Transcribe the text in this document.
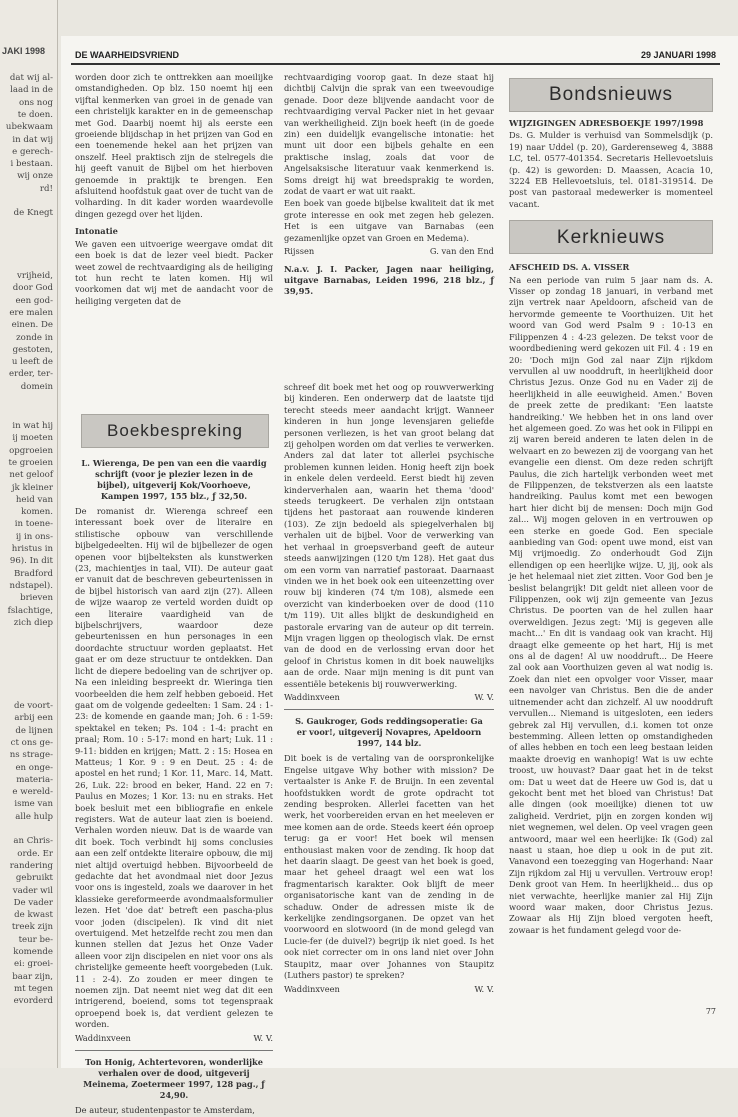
JAKI 1998
dat wij al-
laad in de
ons nog
te doen.
ubekwaam
in dat wij
e gerech-
i bestaan.
wij onze
rd!
de Knegt
vrijheid,
door God
een god-
ere malen
einen. De
zonde in
gestoten,
u leeft de
erder, ter-
domein
in wat hij
ij moeten
opgroeien
te groeien
net geloof
jk kleiner
heid van
komen.
in toene-
ij in ons-
hristus in
96). In dit
Bradford
ndstapel).
brieven
fslachtige,
zich diep
de voort-
arbij een
de lijnen
ct ons ge-
ns strage-
en onge-
materia-
e wereld-
isme van
alle hulp
an Chris-
orde. Er
randering
gebruikt
vader wil
De vader
de kwast
treek zijn
teur be-
komende
ei: groei-
baar zijn,
mt tegen
evorderd
DE WAARHEIDSVRIEND	29 JANUARI 1998

worden door zich te onttrekken aan moeilijke omstandigheden. Op blz. 150 noemt hij een vijftal kenmerken van groei in de genade van een christelijk karakter en in de gemeenschap met God. Daarbij noemt hij als eerste een groeiende blijdschap in het prijzen van God en een toenemende hekel aan het prijzen van onszelf. Heel praktisch zijn de stelregels die hij geeft vanuit de Bijbel om het hierboven genoemde in praktijk te brengen. Een afsluitend hoofdstuk gaat over de tucht van de volharding. In dit kader worden waardevolle dingen gezegd over het lijden.

Intonatie

We gaven een uitvoerige weergave omdat dit een boek is dat de lezer veel biedt. Packer weet zowel de rechtvaardiging als de heiliging tot hun recht te laten komen. Hij wil voorkomen dat wij met de aandacht voor de heiliging vergeten dat de

rechtvaardiging voorop gaat. In deze staat hij dichtbij Calvijn die sprak van een tweevoudige genade. Door deze blijvende aandacht voor de rechtvaardiging verval Packer niet in het gevaar van werkheiligheid. Zijn boek heeft (in de goede zin) een duidelijk evangelische intonatie: het munt uit door een bijbels gehalte en een praktische inslag, zoals dat voor de Angelsaksische literatuur vaak kenmerkend is. Soms dreigt hij wat breedsprakig te worden, zodat de vaart er wat uit raakt.

Een boek van goede bijbelse kwaliteit dat ik met grote interesse en ook met zegen heb gelezen. Het is een uitgave van Barnabas (een gezamenlijke opzet van Groen en Medema).

Rijssen	G. van den End

N.a.v. J. I. Packer, Jagen naar heiliging, uitgave Barnabas, Leiden 1996, 218 blz., ƒ 39,95.

Boekbespreking
L. Wierenga, De pen van een die vaardig schrijft (voor je plezier lezen in de bijbel), uitgeverij Kok/Voorhoeve, Kampen 1997, 155 blz., ƒ 32,50.

De romanist dr. Wierenga schreef een interessant boek over de literaire en stilistische opbouw van verschillende bijbelgedeelten. Hij wil de bijbellezer de ogen openen voor bijbelteksten als kunstwerken (23, machientjes in taal, VII). De auteur gaat er vanuit dat de beschreven gebeurtenissen in de bijbel historisch van aard zijn (27). Alleen de wijze waarop ze verteld worden duidt op een literaire vaardigheid van de bijbelschrijvers, waardoor deze gebeurtenissen en hun personages in een doordachte structuur worden geplaatst. Het gaat er om deze structuur te ontdekken. Dan licht de diepere bedoeling van de schrijver op. Na een inleiding bespreekt dr. Wieringa tien voorbeelden die hem zelf hebben geboeid. Het gaat om de volgende gedeelten: 1 Sam. 24 : 1-23: de komende en gaande man; Joh. 6 : 1-59: spektakel en teken; Ps. 104 : 1-4: pracht en praal; Rom. 10 : 5-17: mond en hart; Luk. 11 : 9-11: bidden en krijgen; Matt. 2 : 15: Hosea en Matteus; 1 Kor. 9 : 9 en Deut. 25 : 4: de apostel en het rund; 1 Kor. 11, Marc. 14, Matt. 26, Luk. 22: brood en beker, Hand. 22 en 7: Paulus en Mozes; 1 Kor. 13: nu en straks. Het boek besluit met een bibliografie en enkele registers. Wat de auteur laat zien is boeiend. Verhalen worden nieuw. Dat is de waarde van dit boek. Toch verbindt hij soms conclusies aan een zelf ontdekte literaire opbouw, die mij niet altijd overtuigd hebben. Bijvoorbeeld de gedachte dat het avondmaal niet door Jezus voor ons is ingesteld, zoals we daarover in het klassieke gereformeerde avondmaalsformulier lezen. Het 'doe dat' betreft een pascha-plus voor joden (discipelen). Ik vind dit niet overtuigend. Met hetzelfde recht zou men dan kunnen stellen dat Jezus het Onze Vader alleen voor zijn discipelen en niet voor ons als christelijke gemeente heeft voorgebeden (Luk. 11 : 2-4). Zo zouden er meer dingen te noemen zijn. Dat neemt niet weg dat dit een intrigerend, boeiend, soms tot tegenspraak oproepend boek is, dat verdient gelezen te worden.

Waddinxveen	W. V.
Ton Honig, Achtertevoren, wonderlijke verhalen over de dood, uitgeverij Meinema, Zoetermeer 1997, 128 pag., ƒ 24,90.

De auteur, studentenpastor te Amsterdam,

schreef dit boek met het oog op rouwverwerking bij kinderen. Een onderwerp dat de laatste tijd terecht steeds meer aandacht krijgt. Wanneer kinderen in hun jonge levensjaren geliefde personen verliezen, is het van groot belang dat zij geholpen worden om dat verlies te verwerken. Anders zal dat later tot allerlei psychische problemen kunnen leiden. Honig heeft zijn boek in enkele delen verdeeld. Eerst biedt hij zeven kinderverhalen aan, waarin het thema 'dood' steeds terugkeert. De verhalen zijn ontstaan tijdens het pastoraat aan rouwende kinderen (103). Ze zijn bedoeld als spiegelverhalen bij verhalen uit de bijbel. Voor de verwerking van het verhaal in groepsverband geeft de auteur steeds aanwijzingen (120 t/m 128). Het gaat dus om een vorm van narratief pastoraat. Daarnaast vinden we in het boek ook een uiteenzetting over rouw bij kinderen (74 t/m 108), alsmede een overzicht van kinderboeken over de dood (110 t/m 119). Uit alles blijkt de deskundigheid en pastorale ervaring van de auteur op dit terrein. Mijn vragen liggen op theologisch vlak. De ernst van de dood en de verlossing ervan door het geloof in Christus komen in dit boek nauwelijks aan de orde. Naar mijn mening is dit punt van essentiële betekenis bij rouwverwerking.

Waddinxveen	W. V.
S. Gaukroger, Gods reddingsoperatie: Ga er voor!, uitgeverij Novapres, Apeldoorn 1997, 144 blz.

Dit boek is de vertaling van de oorspronkelijke Engelse uitgave Why bother with mission? De vertaalster is Anke F. de Bruijn. In een zevental hoofdstukken wordt de grote opdracht tot zending besproken. Allerlei facetten van het werk, het voorbereiden ervan en het meeleven er mee komen aan de orde. Steeds keert één oproep terug: ga er voor! Het boek wil mensen enthousiast maken voor de zending. Ik hoop dat het daarin slaagt. De geest van het boek is goed, maar het geheel draagt wel een wat los fragmentarisch karakter. Ook blijft de meer organisatorische kant van de zending in de schaduw. Onder de adressen miste ik de kerkelijke zendingsorganen. De opzet van het voorwoord en slotwoord (in de mond gelegd van Lucie-fer (de duivel?) begrijp ik niet goed. Is het ook niet correcter om in ons land niet over John Staupitz, maar over Johannes von Staupitz (Luthers pastor) te spreken?

Waddinxveen	W. V.
Bondsnieuws

WIJZIGINGEN ADRESBOEKJE 1997/1998

Ds. G. Mulder is verhuisd van Sommelsdijk (p. 19) naar Uddel (p. 20), Garderenseweg 4, 3888 LC, tel. 0577-401354. Secretaris Hellevoetsluis (p. 42) is geworden: D. Maassen, Acacia 10, 3224 EB Hellevoetsluis, tel. 0181-319514. De post van pastoraal medewerker is momenteel vacant.

Kerknieuws

AFSCHEID DS. A. VISSER

Na een periode van ruim 5 jaar nam ds. A. Visser op zondag 18 januari, in verband met zijn vertrek naar Apeldoorn, afscheid van de hervormde gemeente te Voorthuizen. Uit het woord van God werd Psalm 9 : 10-13 en Filippenzen 4 : 4-23 gelezen. De tekst voor de woordbediening werd gekozen uit Fil. 4 : 19 en 20: 'Doch mijn God zal naar Zijn rijkdom vervullen al uw nooddruft, in heerlijkheid door Christus Jezus. Onze God nu en Vader zij de heerlijkheid in alle eeuwigheid. Amen.' Boven de preek zette de predikant: 'Een laatste handreiking.' We hebben het in ons land over het algemeen goed. Zo was het ook in Filippi en zij waren bereid anderen te laten delen in de welvaart en zo bewezen zij de voorgang van het evangelie een dienst. Om deze reden schrijft Paulus, die zich hartelijk verbonden weet met de Filippenzen, de tekstverzen als een laatste handreiking. Paulus komt met een bewogen hart hier dicht bij de mensen: Doch mijn God zal... Wij mogen geloven in en vertrouwen op een sterke en goede God. Een speciale aanbieding van God: opent uwe mond, eist van Mij vrijmoedig. Zo onderhoudt God Zijn ellendigen op een heerlijke wijze. U, jij, ook als je het helemaal niet ziet zitten. Voor God ben je beslist belangrijk! Dit geldt niet alleen voor de Filippenzen, ook wij zijn gemeente van Jezus Christus. De poorten van de hel zullen haar overweldigen. Jezus zegt: 'Mij is gegeven alle macht...' En dit is vandaag ook van kracht. Hij draagt elke gemeente op het hart, Hij is met ons al de dagen! Al uw nooddruft... De Heere zal ook aan Voorthuizen geven al wat nodig is. Zoek dan niet een opvolger voor Visser, maar een navolger van Christus. Ben die de ander uitnemender acht dan zichzelf. Al uw nooddruft vervullen... Niemand is uitgesloten, een ieders gebrek zal Hij vervullen, d.i. komen tot onze bestemming. Alleen letten op omstandigheden of alles hebben en toch een leeg bestaan leiden maakte droevig en wanhopig! Wat is uw echte troost, uw houvast? Daar gaat het in de tekst om: Dat u weet dat de Heere uw God is, dat u gekocht bent met het bloed van Christus! Dat alle dingen (ook moeilijke) dienen tot uw zaligheid. Verdriet, pijn en zorgen konden wij niet wegnemen, wel delen. Op veel vragen geen antwoord, maar wel een heerlijke: Ik (God) zal naast u staan, hoe diep u ook in de put zit. Vanavond een toezegging van Hogerhand: Naar Zijn rijkdom zal Hij u vervullen. Vertrouw erop! Denk groot van Hem. In heerlijkheid... dus op niet verwachte, heerlijke manier zal Hij Zijn woord waar maken, door Christus Jezus. Zowaar als Hij Zijn bloed vergoten heeft, zowaar is het fundament gelegd voor de-

77
